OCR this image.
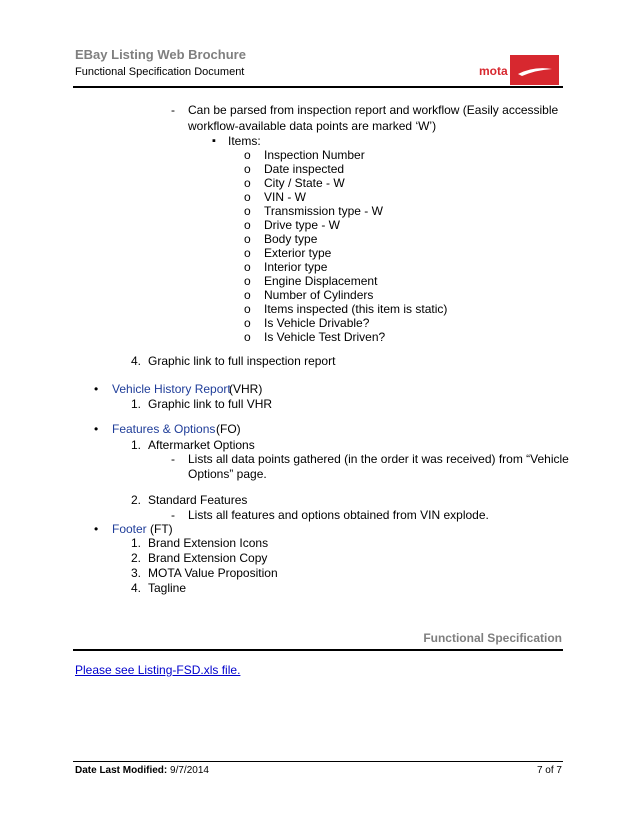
EBay Listing Web Brochure
Functional Specification Document	mota
- Can be parsed from inspection report and workflow (Easily accessible
workflow-available data points are marked ‘W’)
▪ Items:
o Inspection Number
o Date inspected
o City / State - W
o VIN - W
o Transmission type - W
o Drive type - W
o Body type
o Exterior type
o Interior type
o Engine Displacement
o Number of Cylinders
o Items inspected (this item is static)
o Is Vehicle Drivable?
o Is Vehicle Test Driven?
4. Graphic link to full inspection report
• Vehicle History Report
(VHR)
1. Graphic link to full VHR
• Features & Options (FO)
1. Aftermarket Options
- Lists all data points gathered (in the order it was received) from “Vehicle
Options” page.
2. Standard Features
- Lists all features and options obtained from VIN explode.
• Footer (FT)
1. Brand Extension Icons
2. Brand Extension Copy
3. MOTA Value Proposition
4. Tagline
Functional Specification
Please see Listing-FSD.xls file.
Date Last Modified: 9/7/2014	7 of 7
